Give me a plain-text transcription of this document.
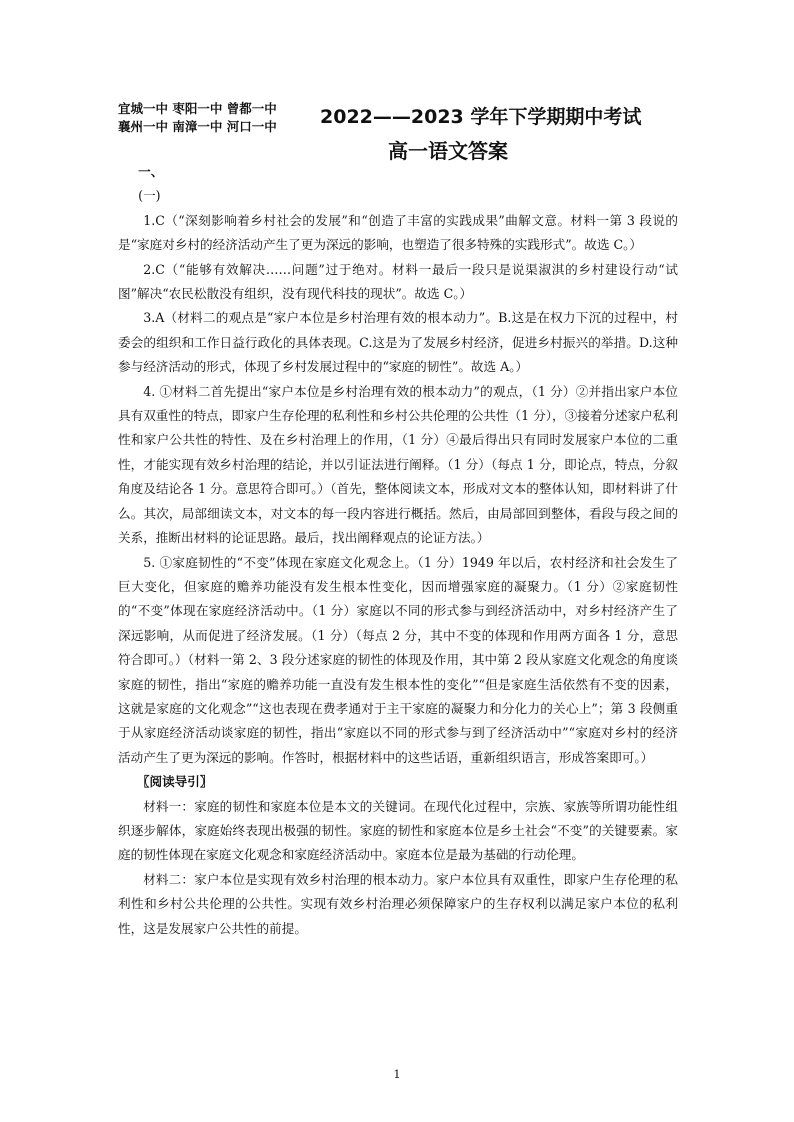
宜城一中 枣阳一中 曾都一中
襄州一中 南漳一中 河口一中	2022——2023 学年下学期期中考试
高一语文答案

一、

(一)

1.C（“深刻影响着乡村社会的发展”和“创造了丰富的实践成果”曲解文意。材料一第 3 段说的是“家庭对乡村的经济活动产生了更为深远的影响，也塑造了很多特殊的实践形式”。故选 C。）

2.C（“能够有效解决……问题”过于绝对。材料一最后一段只是说渠淑淇的乡村建设行动“试图”解决“农民松散没有组织，没有现代科技的现状”。故选 C。）

3.A（材料二的观点是“家户本位是乡村治理有效的根本动力”。B.这是在权力下沉的过程中，村委会的组织和工作日益行政化的具体表现。C.这是为了发展乡村经济，促进乡村振兴的举措。D.这种参与经济活动的形式，体现了乡村发展过程中的“家庭的韧性”。故选 A。）

4. ①材料二首先提出“家户本位是乡村治理有效的根本动力”的观点，（1 分）②并指出家户本位具有双重性的特点，即家户生存伦理的私利性和乡村公共伦理的公共性（1 分），③接着分述家户私利性和家户公共性的特性、及在乡村治理上的作用，（1 分）④最后得出只有同时发展家户本位的二重性，才能实现有效乡村治理的结论，并以引证法进行阐释。（1 分）（每点 1 分，即论点，特点，分叙角度及结论各 1 分。意思符合即可。）（首先，整体阅读文本，形成对文本的整体认知，即材料讲了什么。其次，局部细读文本，对文本的每一段内容进行概括。然后，由局部回到整体，看段与段之间的关系，推断出材料的论证思路。最后，找出阐释观点的论证方法。）

5. ①家庭韧性的“不变”体现在家庭文化观念上。（1 分）1949 年以后，农村经济和社会发生了巨大变化，但家庭的赡养功能没有发生根本性变化，因而增强家庭的凝聚力。（1 分）②家庭韧性的“不变”体现在家庭经济活动中。（1 分）家庭以不同的形式参与到经济活动中，对乡村经济产生了深远影响，从而促进了经济发展。（1 分）（每点 2 分，其中不变的体现和作用两方面各 1 分，意思符合即可。）（材料一第 2、3 段分述家庭的韧性的体现及作用，其中第 2 段从家庭文化观念的角度谈家庭的韧性，指出“家庭的赡养功能一直没有发生根本性的变化”“但是家庭生活依然有不变的因素，这就是家庭的文化观念”“这也表现在费孝通对于主干家庭的凝聚力和分化力的关心上”；第 3 段侧重于从家庭经济活动谈家庭的韧性，指出“家庭以不同的形式参与到了经济活动中”“家庭对乡村的经济活动产生了更为深远的影响。作答时，根据材料中的这些话语，重新组织语言，形成答案即可。）

〖阅读导引〗

材料一：家庭的韧性和家庭本位是本文的关键词。在现代化过程中，宗族、家族等所谓功能性组织逐步解体，家庭始终表现出极强的韧性。家庭的韧性和家庭本位是乡土社会“不变”的关键要素。家庭的韧性体现在家庭文化观念和家庭经济活动中。家庭本位是最为基础的行动伦理。

材料二：家户本位是实现有效乡村治理的根本动力。家户本位具有双重性，即家户生存伦理的私利性和乡村公共伦理的公共性。实现有效乡村治理必须保障家户的生存权利以满足家户本位的私利性，这是发展家户公共性的前提。

1
